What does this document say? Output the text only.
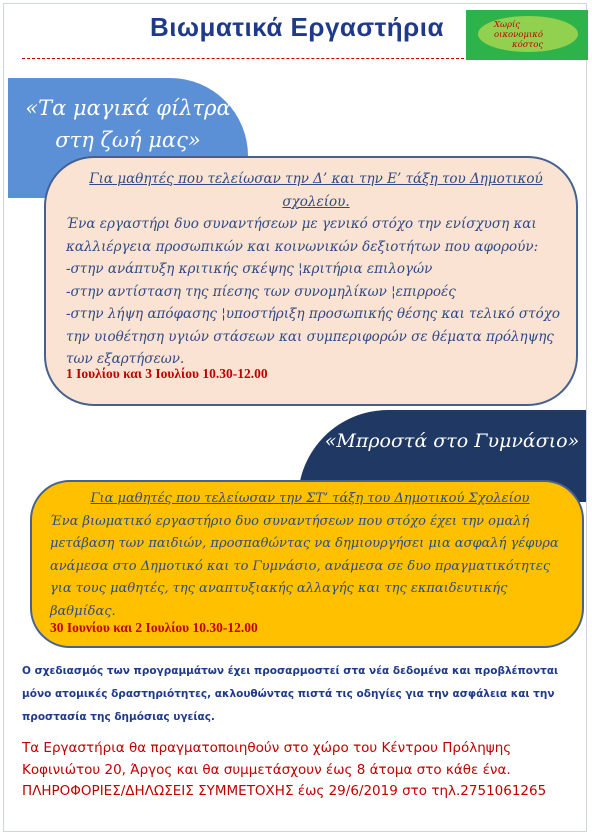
Βιωματικά Εργαστήρια	Χωρίς
οικονομικό
κόστος
«Τα μαγικά φίλτρα
στη ζωή μας»
Για μαθητές που τελείωσαν την Δ’ και την Ε’ τάξη του Δημοτικού σχολείου.

Ένα εργαστήρι δυο συναντήσεων με γενικό στόχο την ενίσχυση και καλλιέργεια προσωπικών και κοινωνικών δεξιοτήτων που αφορούν:

-στην ανάπτυξη κριτικής σκέψης ¦κριτήρια επιλογών

-στην αντίσταση της πίεσης των συνομηλίκων ¦επιρροές

-στην λήψη απόφασης ¦υποστήριξη προσωπικής θέσης και τελικό στόχο την υιοθέτηση υγιών στάσεων και συμπεριφορών σε θέματα πρόληψης των εξαρτήσεων.

1 Ιουλίου και 3 Ιουλίου 10.30-12.00
«Μπροστά στο Γυμνάσιο»
Για μαθητές που τελείωσαν την ΣΤ’ τάξη του Δημοτικού Σχολείου
Ένα βιωματικό εργαστήριο δυο συναντήσεων που στόχο έχει την ομαλή μετάβαση των παιδιών, προσπαθώντας να δημιουργήσει μια ασφαλή γέφυρα ανάμεσα στο Δημοτικό και το Γυμνάσιο, ανάμεσα σε δυο πραγματικότητες για τους μαθητές, της αναπτυξιακής αλλαγής και της εκπαιδευτικής βαθμίδας.
30 Ιουνίου και 2 Ιουλίου 10.30-12.00
Ο σχεδιασμός των προγραμμάτων έχει προσαρμοστεί στα νέα δεδομένα και προβλέπονται μόνο ατομικές δραστηριότητες, ακλουθώντας πιστά τις οδηγίες για την ασφάλεια και την προστασία της δημόσιας υγείας.
Τα Εργαστήρια θα πραγματοποιηθούν στο χώρο του Κέντρου Πρόληψης Κοφινιώτου 20, Άργος και θα συμμετάσχουν έως 8 άτομα στο κάθε ένα. ΠΛΗΡΟΦΟΡΙΕΣ/ΔΗΛΩΣΕΙΣ ΣΥΜΜΕΤΟΧΗΣ έως 29/6/2019 στο τηλ.2751061265
